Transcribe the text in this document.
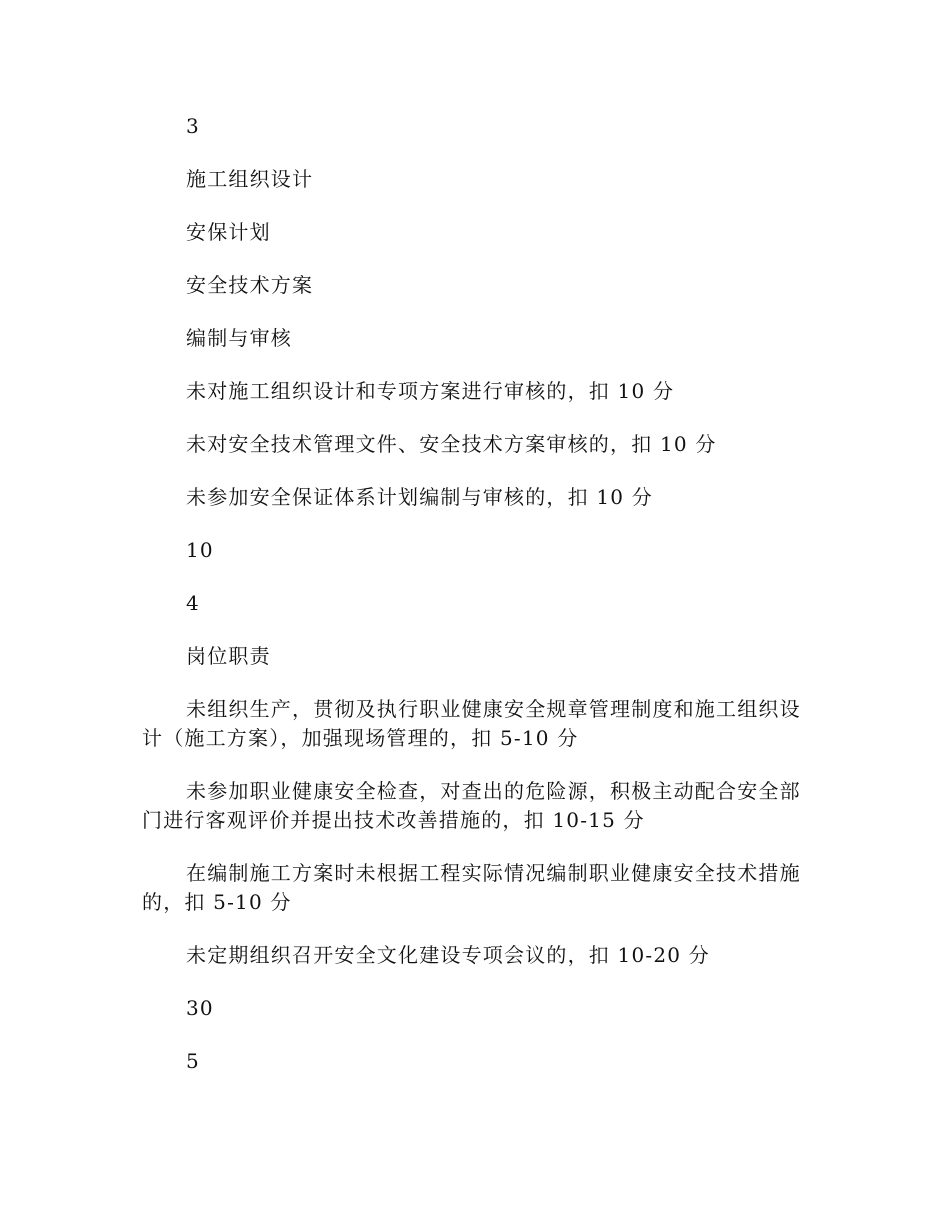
3

施工组织设计

安保计划

安全技术方案

编制与审核

未对施工组织设计和专项方案进行审核的，扣 10 分

未对安全技术管理文件、安全技术方案审核的，扣 10 分

未参加安全保证体系计划编制与审核的，扣 10 分

10

4

岗位职责

未组织生产，贯彻及执行职业健康安全规章管理制度和施工组织设计（施工方案），加强现场管理的，扣 5-10 分

未参加职业健康安全检查，对查出的危险源，积极主动配合安全部门进行客观评价并提出技术改善措施的，扣 10-15 分

在编制施工方案时未根据工程实际情况编制职业健康安全技术措施的，扣 5-10 分

未定期组织召开安全文化建设专项会议的，扣 10-20 分

30

5
